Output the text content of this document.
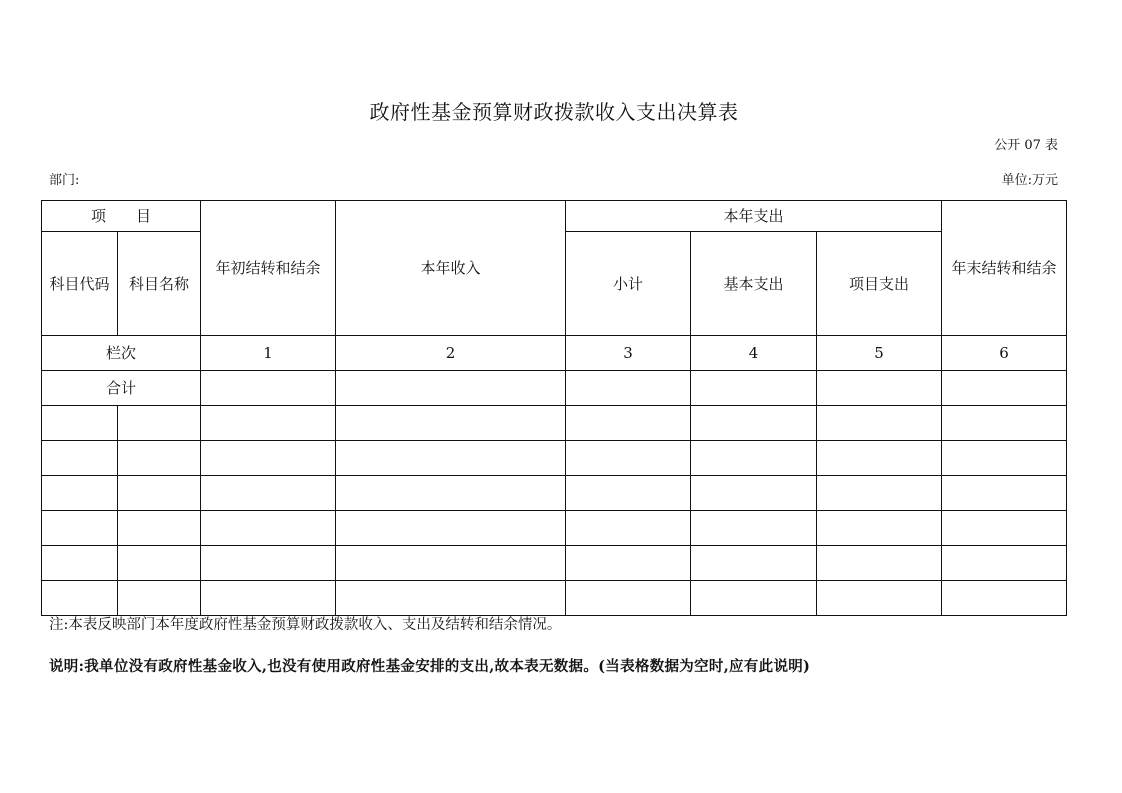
政府性基金预算财政拨款收入支出决算表
公开 07 表
部门:	单位:万元
项　　目		年初结转和结余	本年收入	本年支出			年末结转和结余
科目代码	科目名称			小计	基本支出	项目支出	
栏次		1	2	3	4	5	6
合计							

注:本表反映部门本年度政府性基金预算财政拨款收入、支出及结转和结余情况。
说明:我单位没有政府性基金收入,也没有使用政府性基金安排的支出,故本表无数据。(当表格数据为空时,应有此说明)
